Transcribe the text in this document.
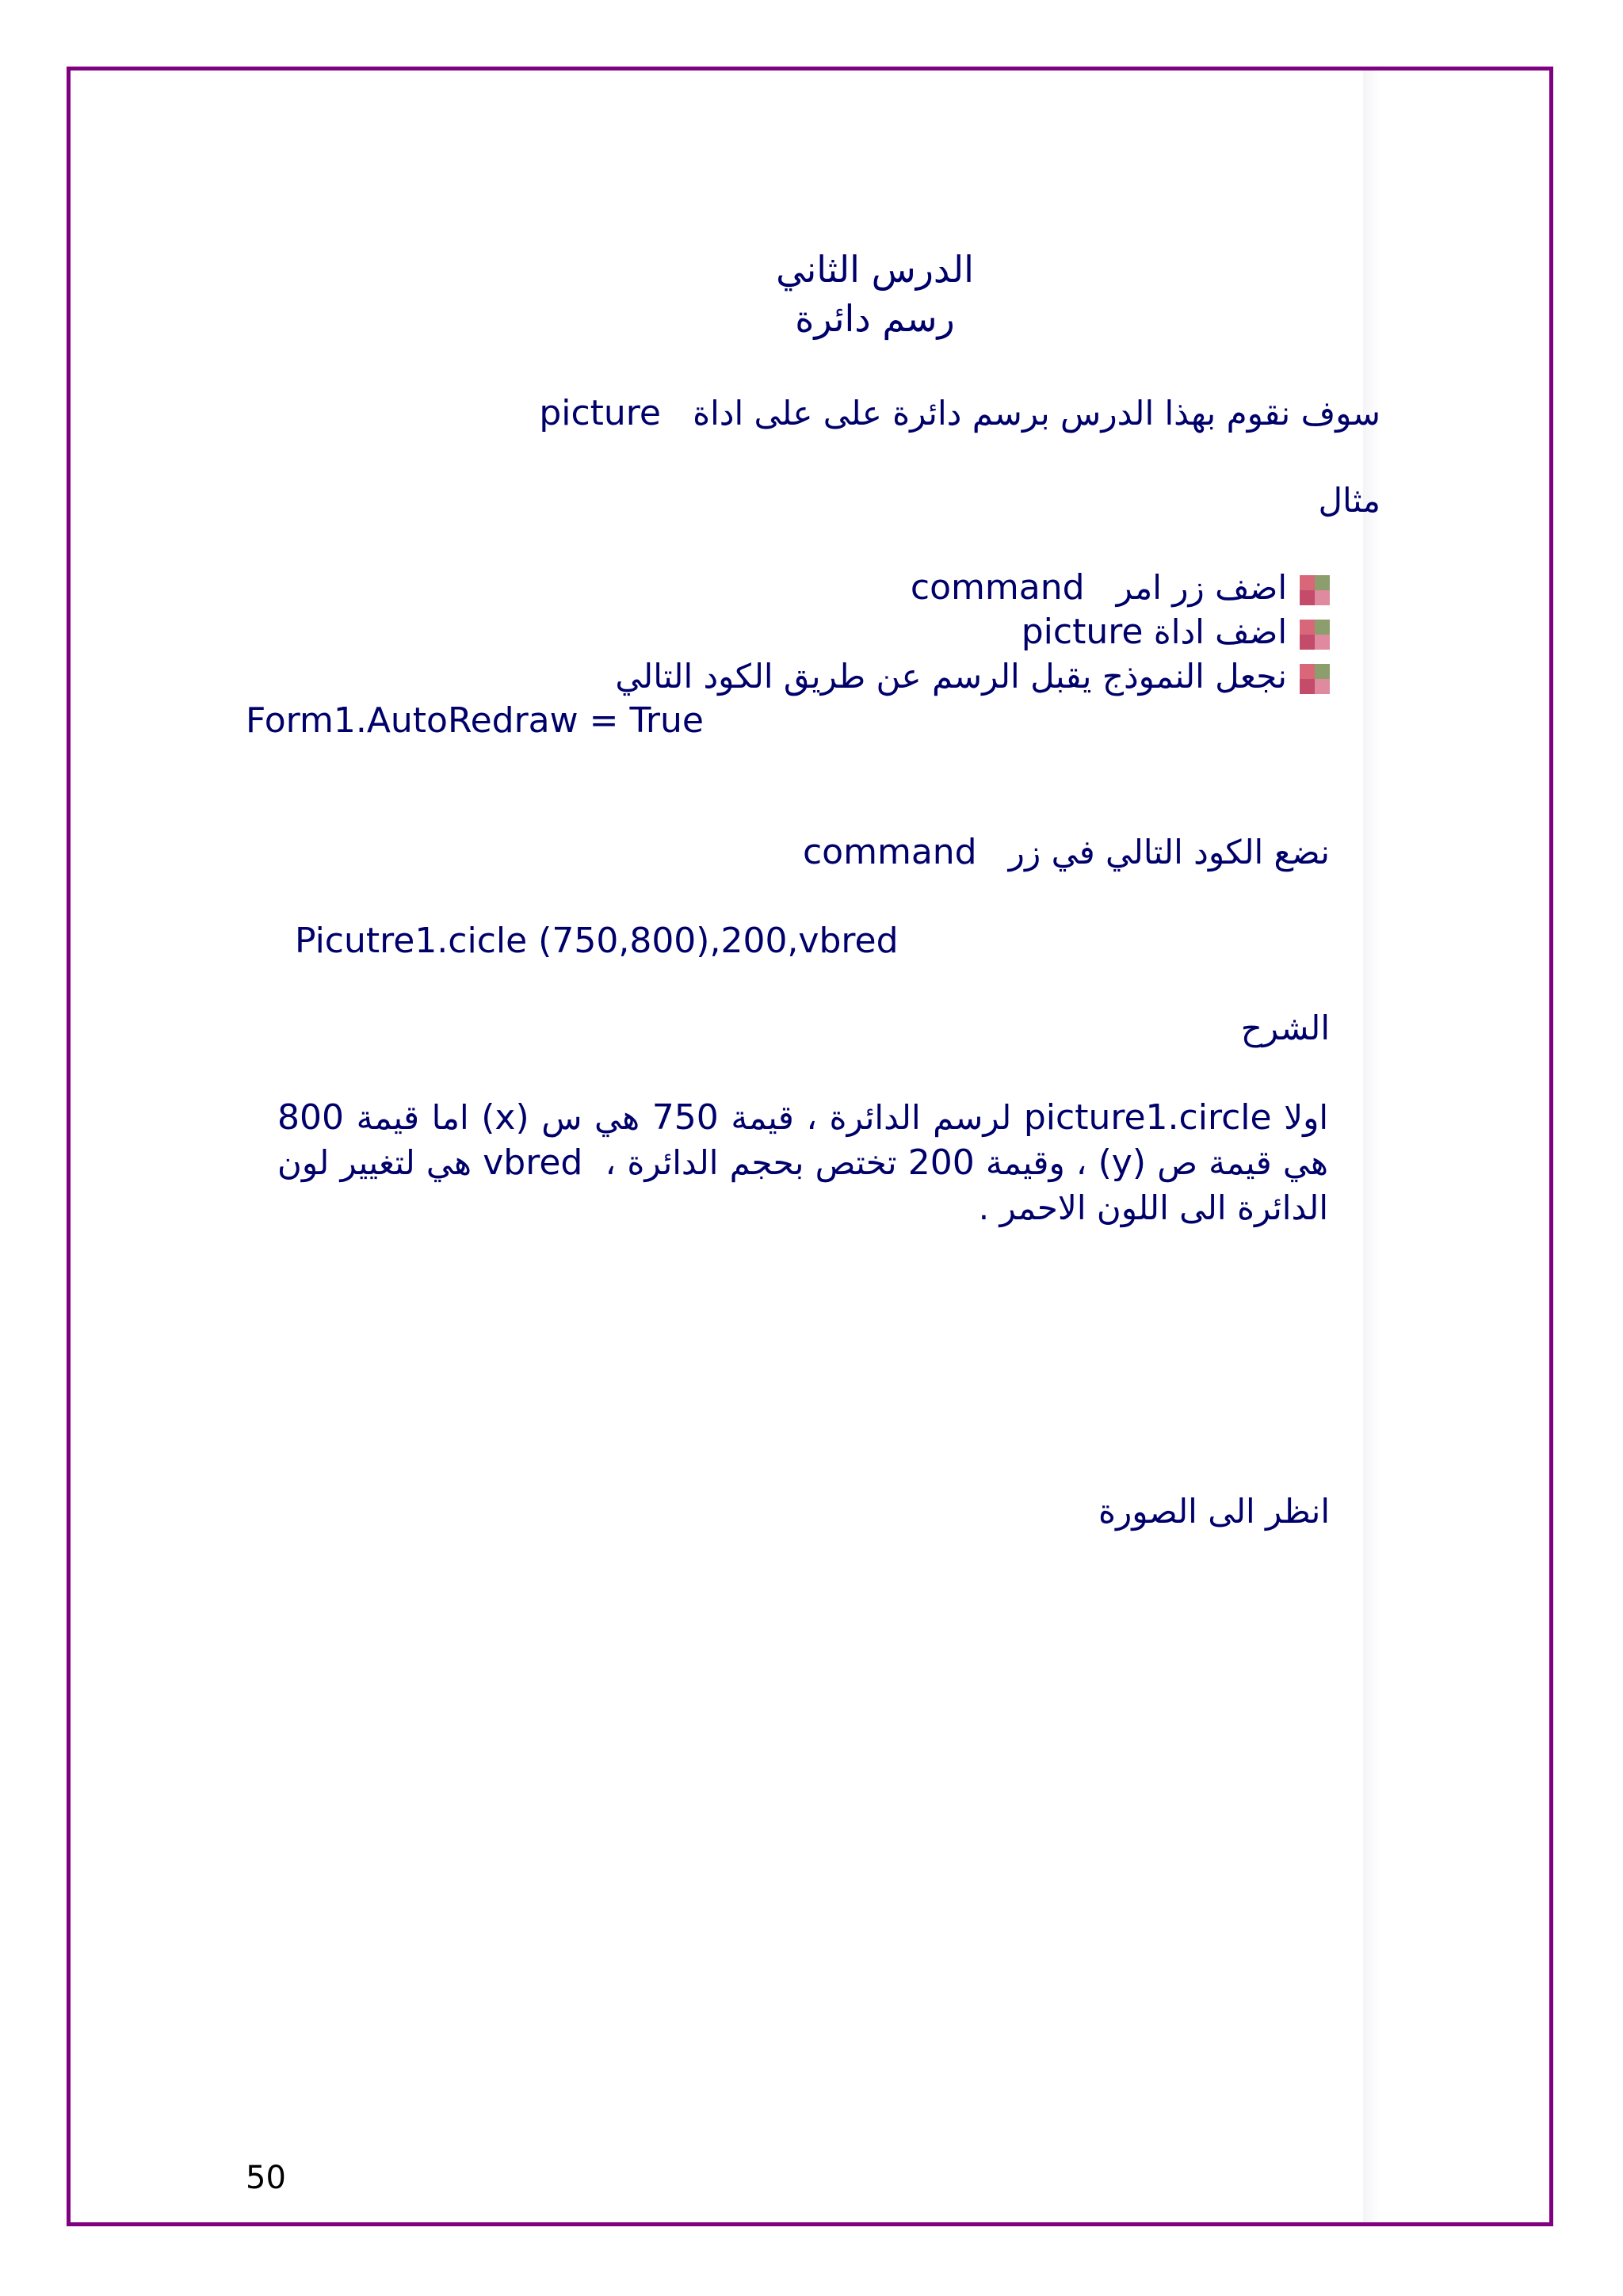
الدرس الثاني
رسم دائرة
سوف نقوم بهذا الدرس برسم دائرة على على اداة   picture
مثال
اضف زر امر   command
اضف اداة picture
نجعل النموذج يقبل الرسم عن طريق الكود التالي
Form1.AutoRedraw = True
نضع الكود التالي في زر   command
Picutre1.cicle (750,800),200,vbred
الشرح
اولا picture1.circle لرسم الدائرة ، قيمة 750 هي س (x) اما قيمة 800 هي قيمة ص (y) ، وقيمة 200 تختص بحجم الدائرة ،  vbred هي لتغيير لون الدائرة الى اللون الاحمر .
انظر الى الصورة
50
